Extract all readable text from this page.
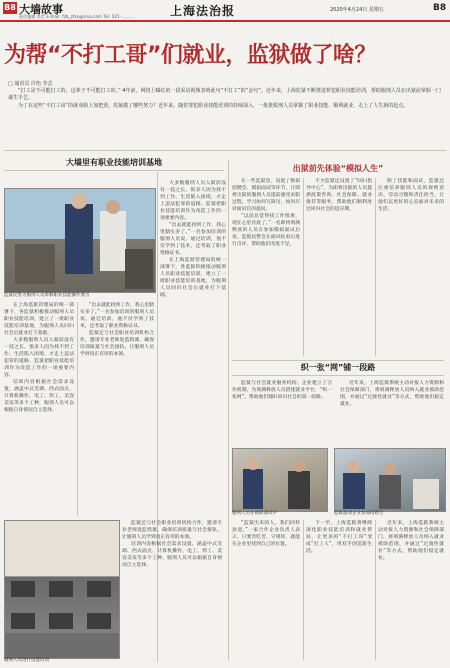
B8 大墙故事
责任编辑 李芸 E-mail: fzb_zfxs@sina.com Tel: 021-..........	上海法治报	2020年4月24日 星期五	B8
为帮“不打工哥”们就业，监狱做了啥？
□ 通讯员 许怡 李芸

“打工是不可能打工的，这辈子不可能打工的。” 4年前，网络上曝红的一段采访视频表明此句“不打工”的“金句”。近年来，上海监狱不断推进罪犯职业技能培训，帮助服刑人员在出狱前掌握一门谋生手艺。

为了在这些“不打工哥”的就业路上加把劲，监狱做了哪些努力？近年来，随着罪犯职业技能培训的持续深入，一批批服刑人员掌握了职业技能、顺利就业，走上了人生新的起点。

大墙里有职业技能培训基地
出狱前先体验“模拟人生”
监狱民警为服刑人员讲解职业技能操作要点

在上海监狱管理局的统一部署下，各监狱积极推动服刑人员职业技能培训，建立了一批职业技能培训基地，为服刑人员回归社会后就业打下基础。

大多数服刑人员入狱前没有一技之长，很多人因为找不到工作、生活陷入困境，才走上违法犯罪的道路。监狱把职业技能培训作为改造工作的一项重要内容。

培训内容根据社会需求设置，涵盖中式烹调、西式面点、计算机操作、电工、焊工、美容美发等多个工种，服刑人员可以根据自身情况自主选择。

“出去就能找到工作，我心里踏实多了。”一名参加培训的服刑人员说。通过培训，他不仅学到了技术，还考取了职业资格证书。

监狱还与社会职业培训机构合作，邀请专业老师进监授课，确保培训质量与社会接轨，让服刑人员学到真正有用的本领。

服刑人员进行技能培训

监狱还与社会职业培训机构合作，邀请专业老师进监授课，确保培训质量与社会接轨，让服刑人员学到真正有用的本领。

培训内容根据社会需求设置，涵盖中式烹调、西式面点、计算机操作、电工、焊工、美容美发等多个工种，服刑人员可以根据自身情况自主选择。

大多数服刑人员入狱前没有一技之长，很多人因为找不到工作、生活陷入困境，才走上违法犯罪的道路。监狱把职业技能培训作为改造工作的一项重要内容。

“出去就能找到工作，我心里踏实多了。”一名参加培训的服刑人员说。通过培训，他不仅学到了技术，还考取了职业资格证书。

在上海监狱管理局的统一部署下，各监狱积极推动服刑人员职业技能培训，建立了一批职业技能培训基地，为服刑人员回归社会后就业打下基础。

在一些监狱里，设置了模拟招聘会、模拟面试等环节，让即将出狱的服刑人员提前感受求职过程，学习如何写简历、如何应对面试官的提问。

“以前总觉得找工作很难，现在心里有底了。”一名即将刑满释放的人员在参加模拟面试后说。监狱民警会在面试结束后进行点评，帮助他们改进不足。

不少监狱还设置了“回归指导中心”，为即将出狱的人员提供政策咨询、社会保障、就业推荐等服务，帮助他们顺利度过回归社会的适应期。

除了技能和面试，监狱还注重培养服刑人员的规则意识、劳动习惯和责任担当，让他们以更好的心态面对未来的生活。

织一张“网”铺一段路

监狱与社会就业服务机构、企业建立了合作机制，为刑满释放人员搭建就业平台，“织一张网”，帮助他们铺好回归社会的第一段路。

近年来，上海监狱系统主动对接人力资源和社会保障部门，将刑满释放人员纳入就业援助范围，并通过“过渡性就业”等方式，帮助他们稳定就业。

服刑人员在模拟面试中	监狱邀请企业参加招聘会

“监狱出来的人，我们同样欢迎。”一家合作企业负责人表示，只要肯吃苦、守规矩，就能在企业里找到自己的位置。

下一步，上海监狱将继续深化职业技能培训和就业帮扶，让更多的“不打工哥”变成“打工人”，用双手创造新生活。

近年来，上海监狱系统主动对接人力资源和社会保障部门，将刑满释放人员纳入就业援助范围，并通过“过渡性就业”等方式，帮助他们稳定就业。
